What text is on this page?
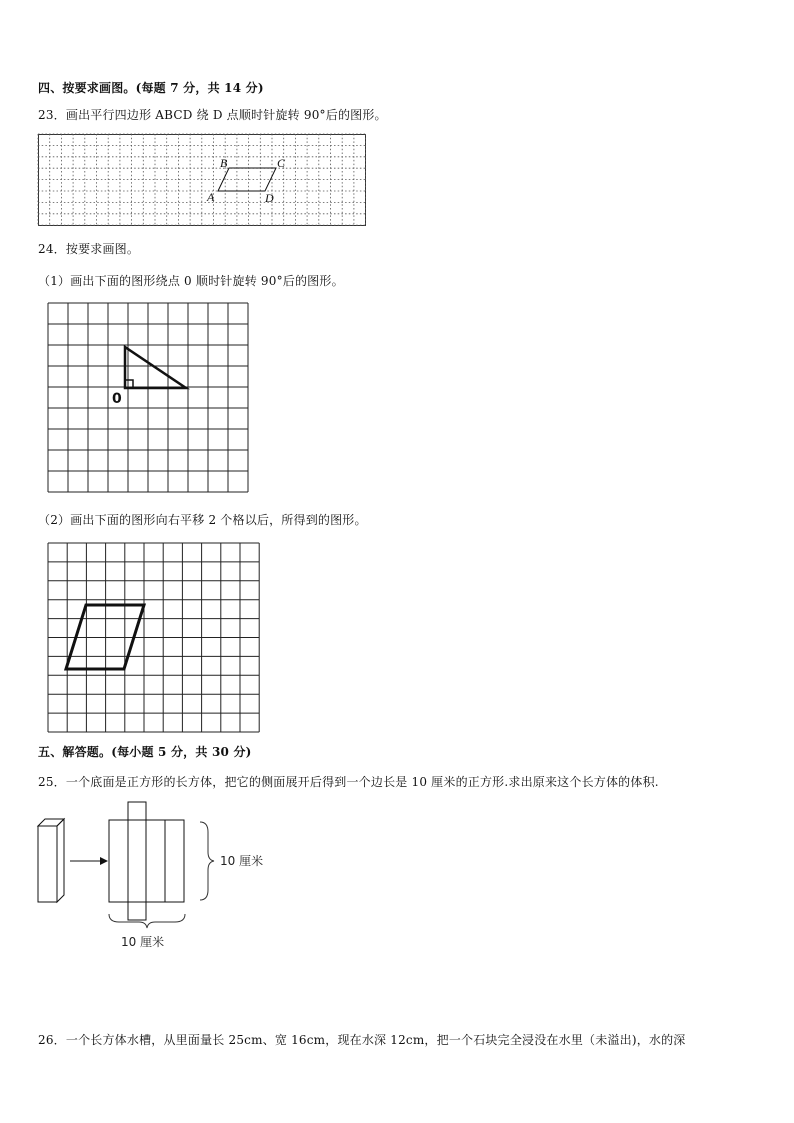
四、按要求画图。(每题 7 分，共 14 分)
23．画出平行四边形 ABCD 绕 D 点顺时针旋转 90°后的图形。
B	C
A	D
24．按要求画图。
（1）画出下面的图形绕点 0 顺时针旋转 90°后的图形。
0
（2）画出下面的图形向右平移 2 个格以后，所得到的图形。
五、解答题。(每小题 5 分，共 30 分)
25．一个底面是正方形的长方体，把它的侧面展开后得到一个边长是 10 厘米的正方形.求出原来这个长方体的体积.
10 厘米
10 厘米
26．一个长方体水槽，从里面量长 25cm、宽 16cm，现在水深 12cm，把一个石块完全浸没在水里（未溢出)，水的深
